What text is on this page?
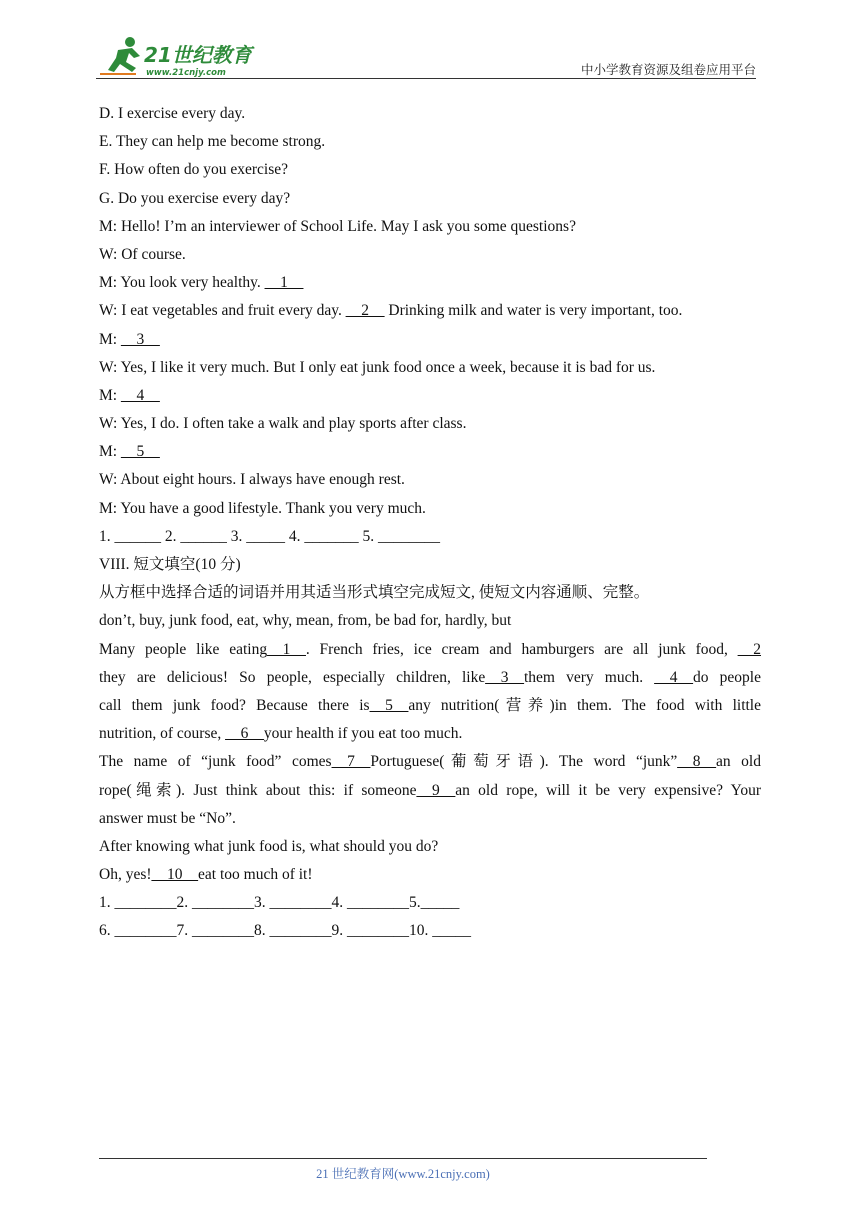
21世纪教育
www.21cnjy.com	中小学教育资源及组卷应用平台
D. I exercise every day.
E. They can help me become strong.
F. How often do you exercise?
G. Do you exercise every day?
M: Hello! I’m an interviewer of School Life. May I ask you some questions?
W: Of course.
M: You look very healthy. __1__
W: I eat vegetables and fruit every day. __2__ Drinking milk and water is very important, too.
M: __3__
W: Yes, I like it very much. But I only eat junk food once a week, because it is bad for us.
M: __4__
W: Yes, I do. I often take a walk and play sports after class.
M: __5__
W: About eight hours. I always have enough rest.
M: You have a good lifestyle. Thank you very much.
1. ______ 2. ______ 3. _____ 4. _______ 5. ________
VIII. 短文填空(10 分)
从方框中选择合适的词语并用其适当形式填空完成短文, 使短文内容通顺、完整。
don’t, buy, junk food, eat, why, mean, from, be bad for, hardly, but
Many people like eating__1__. French fries, ice cream and hamburgers are all junk food, __2
they are delicious! So people, especially children, like__3__them very much. __4__do people
call them junk food? Because there is__5__any nutrition(营养)in them. The food with little
nutrition, of course, __6__your health if you eat too much.
The name of “junk food” comes__7__Portuguese(葡萄牙语). The word “junk”__8__an old
rope(绳索). Just think about this: if someone__9__an old rope, will it be very expensive? Your
answer must be “No”.
After knowing what junk food is, what should you do?
Oh, yes!__10__eat too much of it!
1. ________2. ________3. ________4. ________5._____
6. ________7. ________8. ________9. ________10. _____
21 世纪教育网(www.21cnjy.com)
